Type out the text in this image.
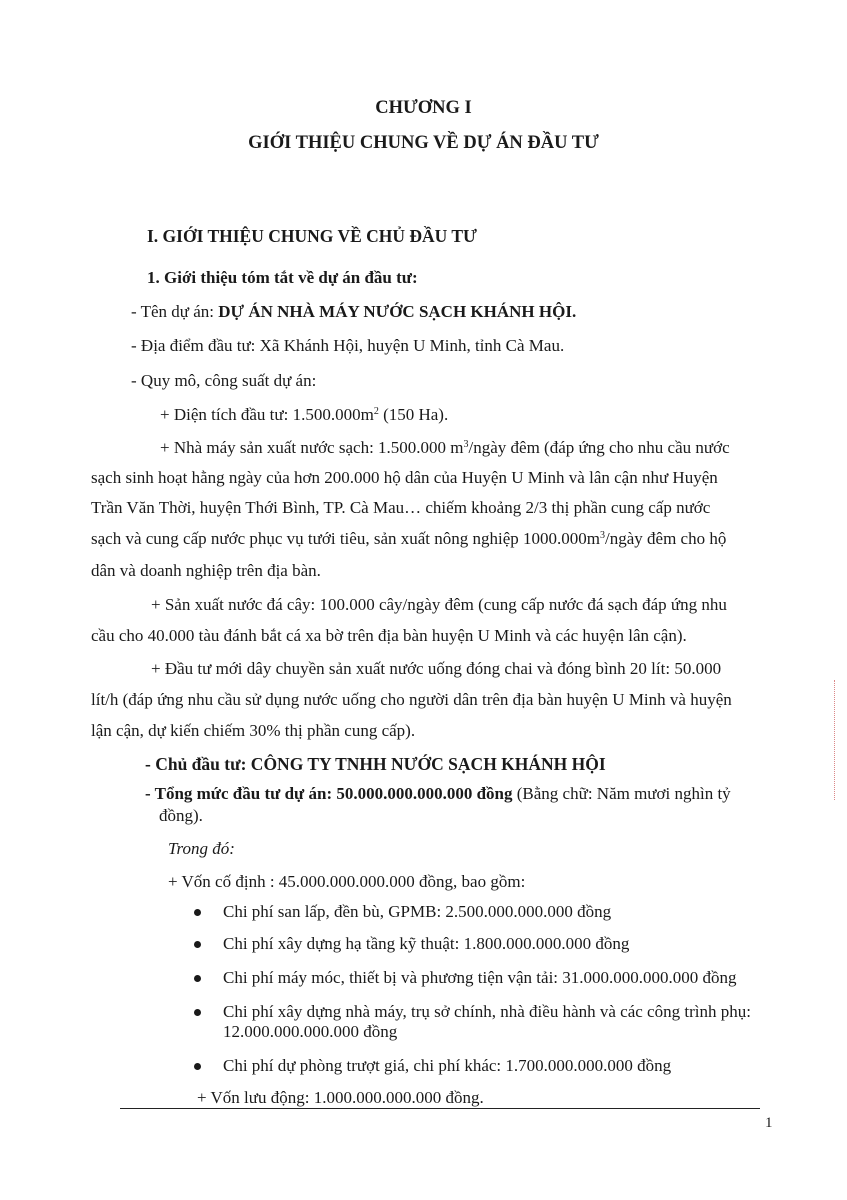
CHƯƠNG I
GIỚI THIỆU CHUNG VỀ DỰ ÁN ĐẦU TƯ
I. GIỚI THIỆU CHUNG VỀ CHỦ ĐẦU TƯ
1. Giới thiệu tóm tắt về dự án đầu tư:
- Tên dự án: DỰ ÁN NHÀ MÁY NƯỚC SẠCH KHÁNH HỘI.
- Địa điểm đầu tư: Xã Khánh Hội, huyện U Minh, tỉnh Cà Mau.
- Quy mô, công suất dự án:
+ Diện tích đầu tư: $1.500.000m^2$ (150 Ha).
+ Nhà máy sản xuất nước sạch: 1.500.000 $m^3$/ngày đêm (đáp ứng cho nhu cầu nước
sạch sinh hoạt hằng ngày của hơn 200.000 hộ dân của Huyện U Minh và lân cận như Huyện
Trần Văn Thời, huyện Thới Bình, TP. Cà Mau… chiếm khoảng 2/3 thị phần cung cấp nước
sạch và cung cấp nước phục vụ tưới tiêu, sản xuất nông nghiệp $1000.000m^3$/ngày đêm cho hộ
dân và doanh nghiệp trên địa bàn.
+ Sản xuất nước đá cây: 100.000 cây/ngày đêm (cung cấp nước đá sạch đáp ứng nhu
cầu cho 40.000 tàu đánh bắt cá xa bờ trên địa bàn huyện U Minh và các huyện lân cận).
+ Đầu tư mới dây chuyền sản xuất nước uống đóng chai và đóng bình 20 lít: 50.000
lít/h (đáp ứng nhu cầu sử dụng nước uống cho người dân trên địa bàn huyện U Minh và huyện
lận cận, dự kiến chiếm 30% thị phần cung cấp).
- Chủ đầu tư: CÔNG TY TNHH NƯỚC SẠCH KHÁNH HỘI
- Tổng mức đầu tư dự án: 50.000.000.000.000 đồng (Bằng chữ: Năm mươi nghìn tỷ
đồng).
Trong đó:
+ Vốn cố định : 45.000.000.000.000 đồng, bao gồm:
Chi phí san lấp, đền bù, GPMB: 2.500.000.000.000 đồng
Chi phí xây dựng hạ tầng kỹ thuật: 1.800.000.000.000 đồng
Chi phí máy móc, thiết bị và phương tiện vận tải: 31.000.000.000.000 đồng
Chi phí xây dựng nhà máy, trụ sở chính, nhà điều hành và các công trình phụ:
12.000.000.000.000 đồng
Chi phí dự phòng trượt giá, chi phí khác: 1.700.000.000.000 đồng
+ Vốn lưu động: 1.000.000.000.000 đồng.
1
